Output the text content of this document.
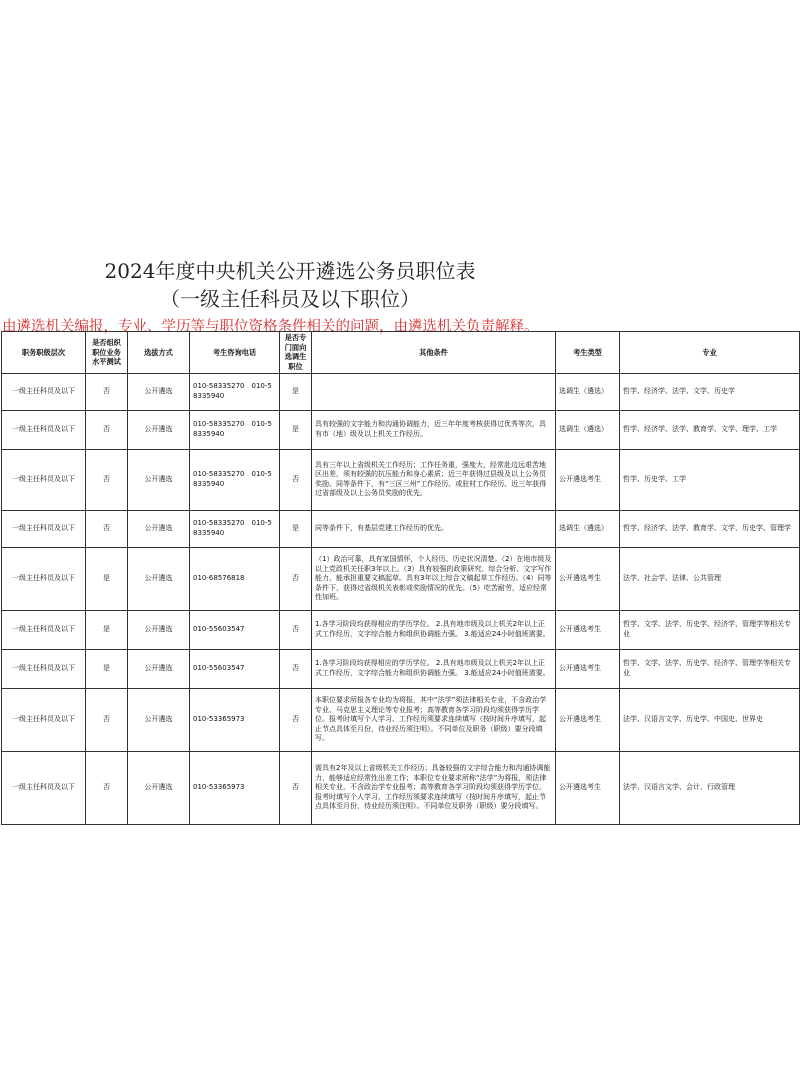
2024年度中央机关公开遴选公务员职位表
（一级主任科员及以下职位）
由遴选机关编报，专业、学历等与职位资格条件相关的问题，由遴选机关负责解释。
职务职级层次	是否组织职位业务水平测试	选拔方式	考生咨询电话	是否专门面向选调生职位	其他条件	考生类型	专业
一级主任科员及以下	否	公开遴选	010-58335270　010-58335940	是		选调生（遴选）	哲学、经济学、法学、文学、历史学
一级主任科员及以下	否	公开遴选	010-58335270　010-58335940	是	具有较强的文字能力和沟通协调能力，近三年年度考核获得过优秀等次，具有市（地）级及以上机关工作经历。	选调生（遴选）	哲学、经济学、法学、教育学、文学、理学、工学
一级主任科员及以下	否	公开遴选	010-58335270　010-58335940	否	具有三年以上省级机关工作经历；工作任务重，强度大，经常赴边远艰苦地区出差，须有较强的抗压能力和身心素质；近三年获得过县级及以上公务员奖励。同等条件下，有“三区三州”工作经历、或驻村工作经历、近三年获得过省部级及以上公务员奖励的优先。	公开遴选考生	哲学、历史学、工学
一级主任科员及以下	否	公开遴选	010-58335270　010-58335940	是	同等条件下，有基层党建工作经历的优先。	选调生（遴选）	哲学、经济学、法学、教育学、文学、历史学、管理学
一级主任科员及以下	是	公开遴选	010-68576818	否	（1）政治可靠，具有家国情怀，个人经历、历史状况清楚。（2）在地市级及以上党政机关任职3年以上。（3）具有较强的政策研究、综合分析、文字写作能力，能承担重要文稿起草。具有3年以上综合文稿起草工作经历。（4）同等条件下，获得过省级机关表彰或奖励情况的优先。（5）吃苦耐劳，适应经常性加班。	公开遴选考生	法学、社会学、法律、公共管理
一级主任科员及以下	是	公开遴选	010-55603547	否	1.各学习阶段均获得相应的学历学位。 2.具有地市级及以上机关2年以上正式工作经历，文字综合能力和组织协调能力强。 3.能适应24小时值班需要。	公开遴选考生	哲学、文学、法学、历史学、经济学、管理学等相关专业
一级主任科员及以下	是	公开遴选	010-55603547	否	1.各学习阶段均获得相应的学历学位。 2.具有地市级及以上机关2年以上正式工作经历，文字综合能力和组织协调能力强。 3.能适应24小时值班需要。	公开遴选考生	哲学、文学、法学、历史学、经济学、管理学等相关专业
一级主任科员及以下	否	公开遴选	010-53365973	否	本职位要求所报各专业均为将报，其中“法学”须法律相关专业，不含政治学专业、马克思主义理论等专业报考；高等教育各学习阶段均须获得学历学位。报考时填写个人学习、工作经历须要求连续填写（按时间升序填写，起止节点具体至月份，待业经历须注明）。不同单位及职务（职级）要分段填写。	公开遴选考生	法学、汉语言文学、历史学、中国史、世界史
一级主任科员及以下	否	公开遴选	010-53365973	否	需具有2年及以上省级机关工作经历；具备较强的文字综合能力和沟通协调能力，能够适应经常性出差工作；本职位专业要求所称“法学”为将报，须法律相关专业，不含政治学专业报考；高等教育各学习阶段均须获得学历学位。报考时填写个人学习、工作经历须要求连续填写（按时间升序填写，起止节点具体至月份，待业经历须注明）。不同单位及职务（职级）要分段填写。	公开遴选考生	法学、汉语言文学、会计、行政管理
